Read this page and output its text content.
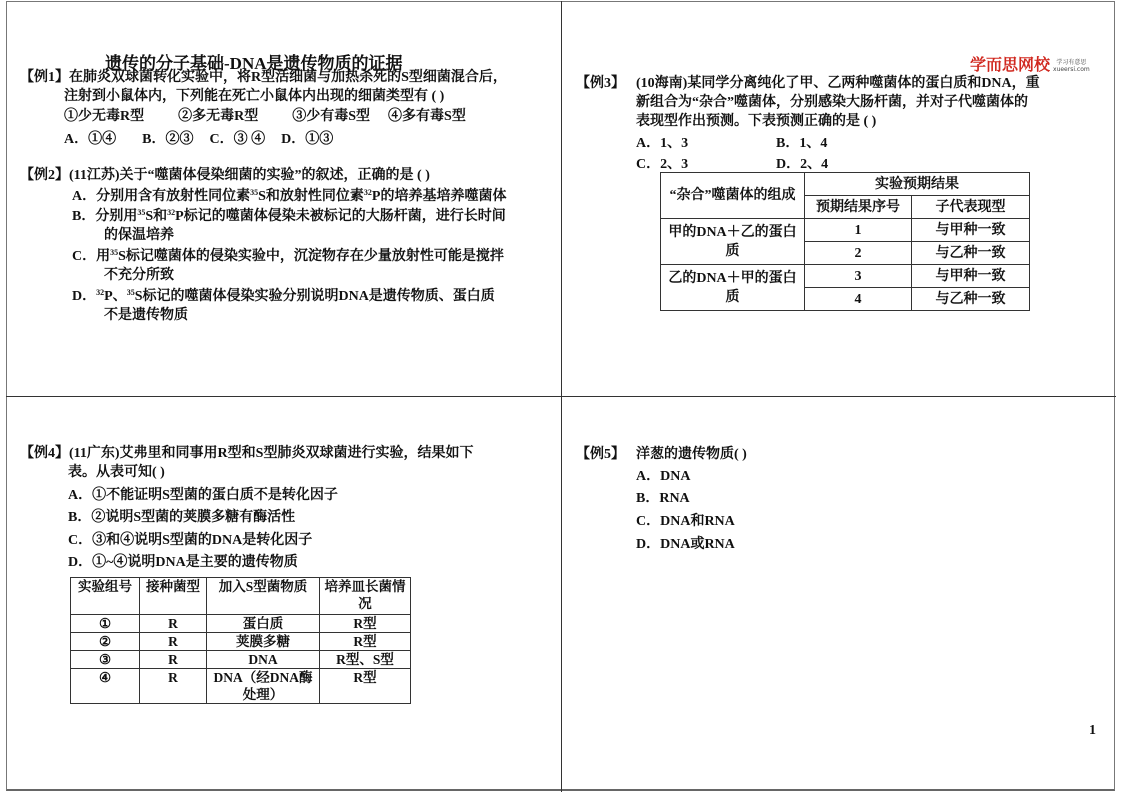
遗传的分子基础-DNA是遗传物质的证据
【例1】在肺炎双球菌转化实验中，将R型活细菌与加热杀死的S型细菌混合后，
注射到小鼠体内，下列能在死亡小鼠体内出现的细菌类型有 ( )
①少无毒R型 ②多无毒R型 ③少有毒S型 ④多有毒S型
A．①④ B．②③ C．③ ④ D．①③
【例2】(11江苏)关于“噬菌体侵染细菌的实验”的叙述，正确的是 ( )
A．分别用含有放射性同位素$^{35}$S和放射性同位素$^{32}$P的培养基培养噬菌体
B．分别用$^{35}$S和$^{32}$P标记的噬菌体侵染未被标记的大肠杆菌，进行长时间
的保温培养
C．用$^{35}$S标记噬菌体的侵染实验中，沉淀物存在少量放射性可能是搅拌
不充分所致
D．$^{32}$P、$^{35}$S标记的噬菌体侵染实验分别说明DNA是遗传物质、蛋白质
不是遗传物质
学而思网校 学习有意思
xueersi.com
【例3】 (10海南)某同学分离纯化了甲、乙两种噬菌体的蛋白质和DNA，重
新组合为“杂合”噬菌体，分别感染大肠杆菌，并对子代噬菌体的
表现型作出预测。下表预测正确的是 ( )
A．1、3	B．1、4
C．2、3	D．2、4
“杂合”噬菌体的组成	实验预期结果	
	预期结果序号	子代表现型
甲的DNA＋乙的蛋白质	1	与甲种一致
	2	与乙种一致
乙的DNA＋甲的蛋白质	3	与甲种一致
	4	与乙种一致
【例4】(11广东)艾弗里和同事用R型和S型肺炎双球菌进行实验，结果如下
表。从表可知( )
A．①不能证明S型菌的蛋白质不是转化因子
B．②说明S型菌的荚膜多糖有酶活性
C．③和④说明S型菌的DNA是转化因子
D．①~④说明DNA是主要的遗传物质
实验组号	接种菌型	加入S型菌物质	培养皿长菌情况
①	R	蛋白质	R型
②	R	荚膜多糖	R型
③	R	DNA	R型、S型
④	R	DNA（经DNA酶处理）	R型
【例5】 洋葱的遗传物质( )
A．DNA
B．RNA
C．DNA和RNA
D．DNA或RNA
1
